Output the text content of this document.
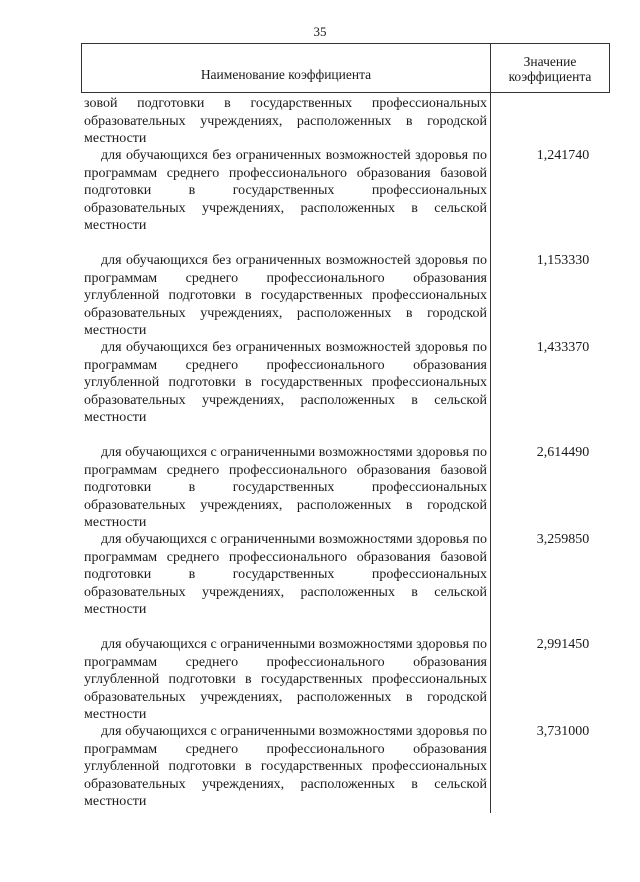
35
Наименование коэффициента
Значение
коэффициента
зовой подготовки в государственных профессиональных образовательных учреждениях, расположенных в городской местности
для обучающихся без ограниченных возможностей здоровья по программам среднего профессионального образования базовой подготовки в государственных профессиональных образовательных учреждениях, расположенных в сельской местности
1,241740
для обучающихся без ограниченных возможностей здоровья по программам среднего профессионального образования углубленной подготовки в государственных профессиональных образовательных учреждениях, расположенных в городской местности
1,153330
для обучающихся без ограниченных возможностей здоровья по программам среднего профессионального образования углубленной подготовки в государственных профессиональных образовательных учреждениях, расположенных в сельской местности
1,433370
для обучающихся с ограниченными возможностями здоровья по программам среднего профессионального образования базовой подготовки в государственных профессиональных образовательных учреждениях, расположенных в городской местности
2,614490
для обучающихся с ограниченными возможностями здоровья по программам среднего профессионального образования базовой подготовки в государственных профессиональных образовательных учреждениях, расположенных в сельской местности
3,259850
для обучающихся с ограниченными возможностями здоровья по программам среднего профессионального образования углубленной подготовки в государственных профессиональных образовательных учреждениях, расположенных в городской местности
2,991450
для обучающихся с ограниченными возможностями здоровья по программам среднего профессионального образования углубленной подготовки в государственных профессиональных образовательных учреждениях, расположенных в сельской местности
3,731000
